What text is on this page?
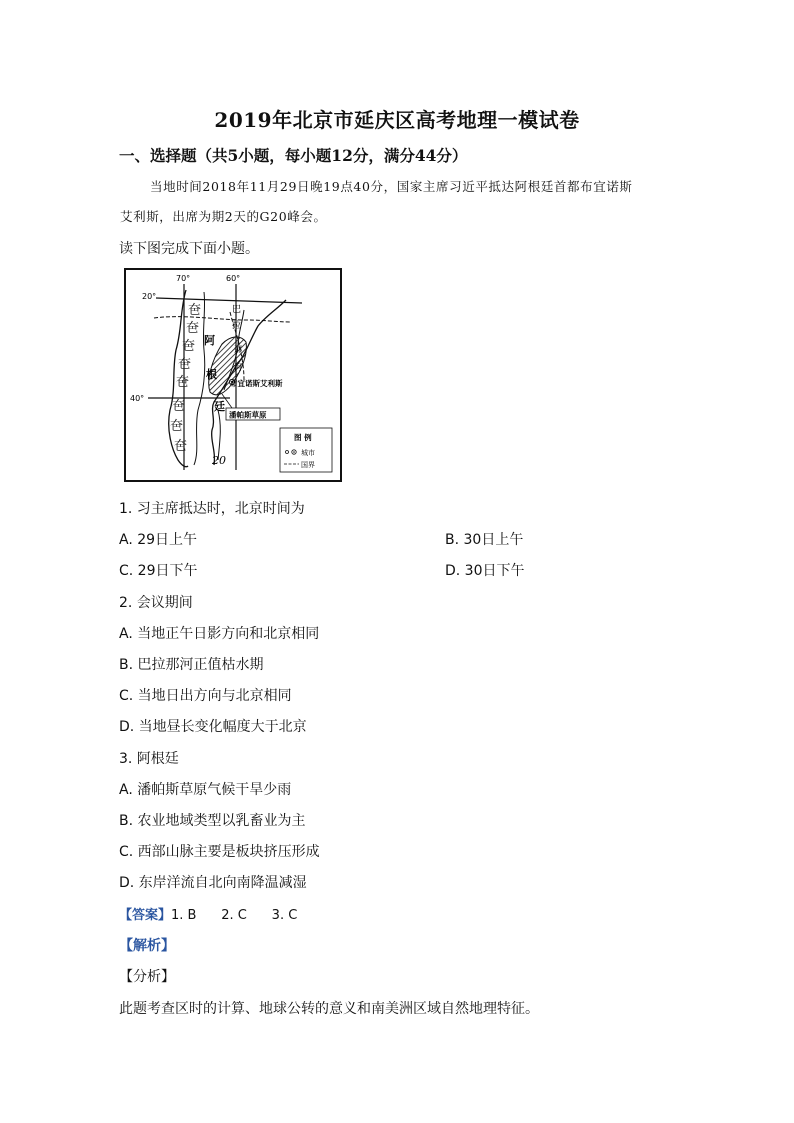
2019年北京市延庆区高考地理一模试卷
一、选择题（共5小题，每小题12分，满分44分）
当地时间2018年11月29日晚19点40分，国家主席习近平抵达阿根廷首都布宜诺斯
艾利斯，出席为期2天的G20峰会。
读下图完成下面小题。
70°	60°
20°
40°
夿
夿
夿
夿
夿
夿
夿
夿
阿
根
廷
巴
拉
那
河
布宜诺斯艾利斯
潘帕斯草原
20
图 例
城市
国界
1. 习主席抵达时，北京时间为
A. 29日上午	B. 30日上午
C. 29日下午	D. 30日下午
2. 会议期间
A. 当地正午日影方向和北京相同
B. 巴拉那河正值枯水期
C. 当地日出方向与北京相同
D. 当地昼长变化幅度大于北京
3. 阿根廷
A. 潘帕斯草原气候干旱少雨
B. 农业地域类型以乳畜业为主
C. 西部山脉主要是板块挤压形成
D. 东岸洋流自北向南降温减湿
【答案】1. B      2. C      3. C
【解析】
【分析】
此题考查区时的计算、地球公转的意义和南美洲区域自然地理特征。
